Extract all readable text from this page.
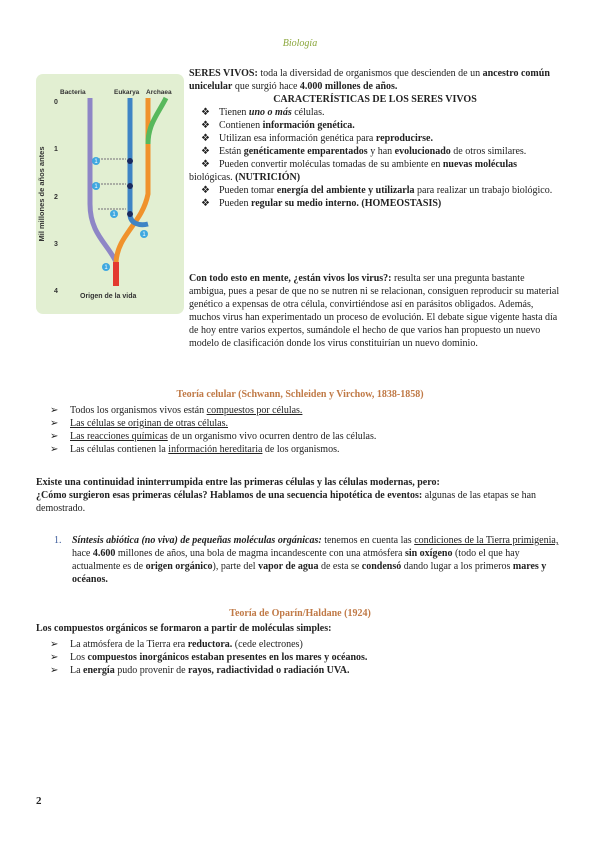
Biología
Mil millones de años antes
0
1
2
3
4
Bacteria	Eukarya Archaea
1
1
1
1
1
Origen de la vida
SERES VIVOS: toda la diversidad de organismos que descienden de un ancestro común unicelular que surgió hace 4.000 millones de años.
CARACTERÍSTICAS DE LOS SERES VIVOS
❖ Tienen uno o más células.
❖ Contienen información genética.
❖ Utilizan esa información genética para reproducirse.
❖ Están genéticamente emparentados y han evolucionado de otros similares.
❖ Pueden convertir moléculas tomadas de su ambiente en nuevas moléculas biológicas. (NUTRICIÓN)
❖ Pueden tomar energía del ambiente y utilizarla para realizar un trabajo biológico.
❖ Pueden regular su medio interno. (HOMEOSTASIS)
Con todo esto en mente, ¿están vivos los virus?: resulta ser una pregunta bastante ambigua, pues a pesar de que no se nutren ni se relacionan, consiguen reproducir su material genético a expensas de otra célula, convirtiéndose así en parásitos obligados. Además, muchos virus han experimentado un proceso de evolución. El debate sigue vigente hasta día de hoy entre varios expertos, sumándole el hecho de que varios han propuesto un nuevo modelo de clasificación donde los virus constituirían un nuevo dominio.
Teoría celular (Schwann, Schleiden y Virchow, 1838-1858)
➢ Todos los organismos vivos están compuestos por células.
➢ Las células se originan de otras células.
➢ Las reacciones químicas de un organismo vivo ocurren dentro de las células.
➢ Las células contienen la información hereditaria de los organismos.
Existe una continuidad ininterrumpida entre las primeras células y las células modernas, pero:
¿Cómo surgieron esas primeras células? Hablamos de una secuencia hipotética de eventos: algunas de las etapas se han demostrado.
1.	Síntesis abiótica (no viva) de pequeñas moléculas orgánicas: tenemos en cuenta las condiciones de la Tierra primigenia, hace 4.600 millones de años, una bola de magma incandescente con una atmósfera sin oxígeno (todo el que hay actualmente es de origen orgánico), parte del vapor de agua de esta se condensó dando lugar a los primeros mares y océanos.
Teoría de Oparín/Haldane (1924)
Los compuestos orgánicos se formaron a partir de moléculas simples:
➢ La atmósfera de la Tierra era reductora. (cede electrones)
➢ Los compuestos inorgánicos estaban presentes en los mares y océanos.
➢ La energía pudo provenir de rayos, radiactividad o radiación UVA.
2
